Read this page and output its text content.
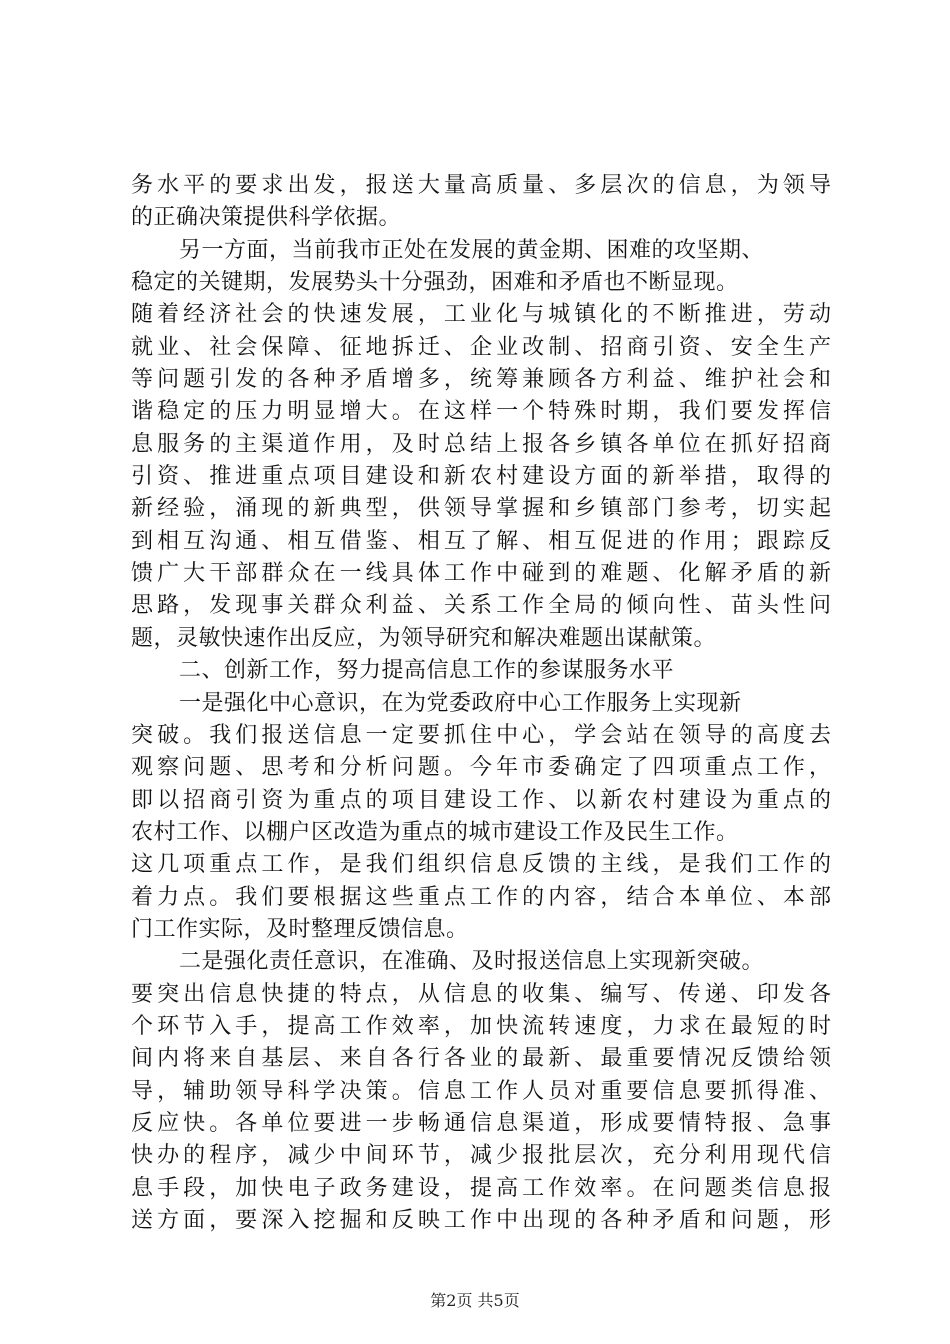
务水平的要求出发，报送大量高质量、多层次的信息，为领导
的正确决策提供科学依据。
另一方面，当前我市正处在发展的黄金期、困难的攻坚期、
稳定的关键期，发展势头十分强劲，困难和矛盾也不断显现。
随着经济社会的快速发展，工业化与城镇化的不断推进，劳动
就业、社会保障、征地拆迁、企业改制、招商引资、安全生产
等问题引发的各种矛盾增多，统筹兼顾各方利益、维护社会和
谐稳定的压力明显增大。在这样一个特殊时期，我们要发挥信
息服务的主渠道作用，及时总结上报各乡镇各单位在抓好招商
引资、推进重点项目建设和新农村建设方面的新举措，取得的
新经验，涌现的新典型，供领导掌握和乡镇部门参考，切实起
到相互沟通、相互借鉴、相互了解、相互促进的作用；跟踪反
馈广大干部群众在一线具体工作中碰到的难题、化解矛盾的新
思路，发现事关群众利益、关系工作全局的倾向性、苗头性问
题，灵敏快速作出反应，为领导研究和解决难题出谋献策。
二、创新工作，努力提高信息工作的参谋服务水平
一是强化中心意识，在为党委政府中心工作服务上实现新
突破。我们报送信息一定要抓住中心，学会站在领导的高度去
观察问题、思考和分析问题。今年市委确定了四项重点工作，
即以招商引资为重点的项目建设工作、以新农村建设为重点的
农村工作、以棚户区改造为重点的城市建设工作及民生工作。
这几项重点工作，是我们组织信息反馈的主线，是我们工作的
着力点。我们要根据这些重点工作的内容，结合本单位、本部
门工作实际，及时整理反馈信息。
二是强化责任意识，在准确、及时报送信息上实现新突破。
要突出信息快捷的特点，从信息的收集、编写、传递、印发各
个环节入手，提高工作效率，加快流转速度，力求在最短的时
间内将来自基层、来自各行各业的最新、最重要情况反馈给领
导，辅助领导科学决策。信息工作人员对重要信息要抓得准、
反应快。各单位要进一步畅通信息渠道，形成要情特报、急事
快办的程序，减少中间环节，减少报批层次，充分利用现代信
息手段，加快电子政务建设，提高工作效率。在问题类信息报
送方面，要深入挖掘和反映工作中出现的各种矛盾和问题，形
第2页 共5页
